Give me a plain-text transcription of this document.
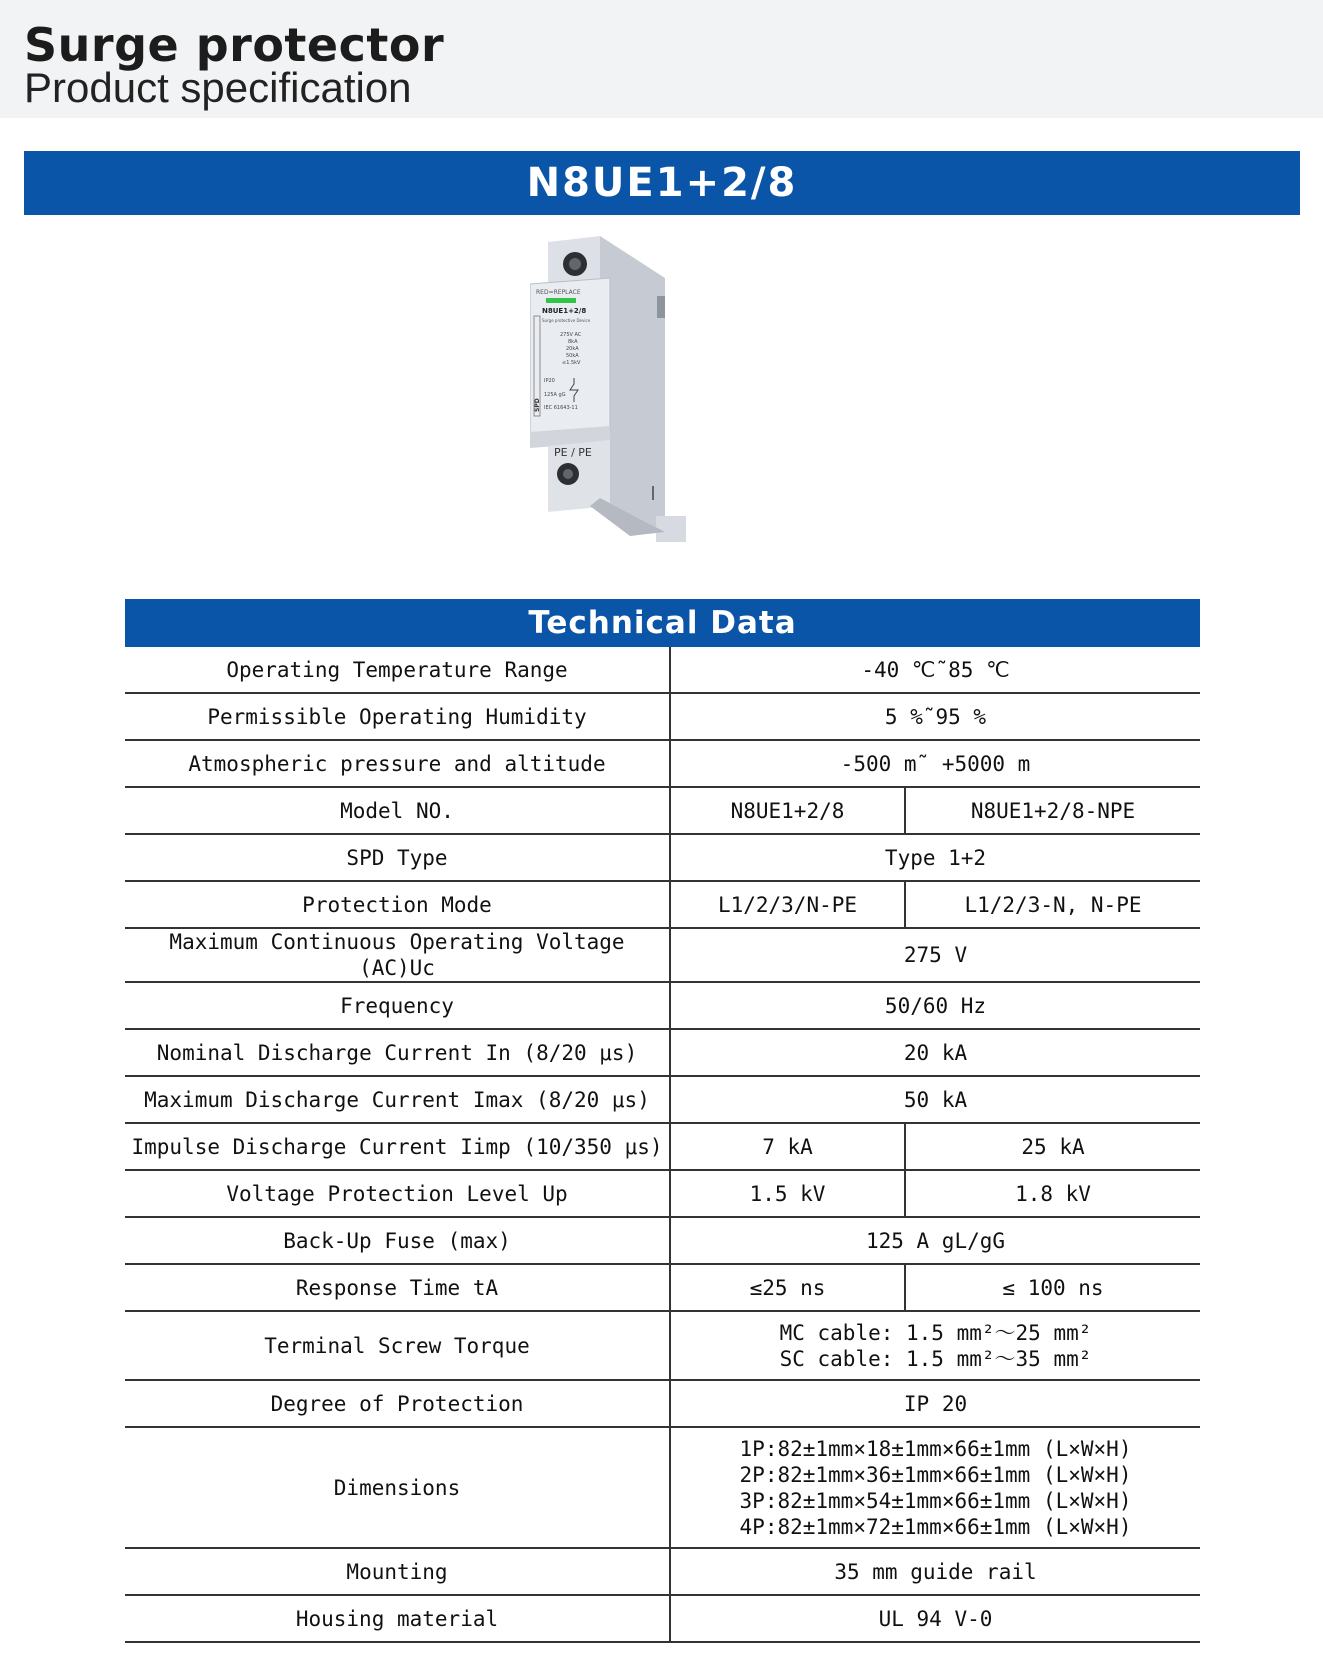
Surge protector
Product specification
N8UE1+2/8
RED=REPLACE
N8UE1+2/8
Surge protective Device
275V AC
8kA
20kA
50kA
≤1.5kV
IP20
125A gG
IEC 61643-11
SPD
PE / PE
Technical Data
Operating Temperature Range	-40 ℃˜85 ℃	
Permissible Operating Humidity	5 %˜95 %	
Atmospheric pressure and altitude	-500 m˜ +5000 m	
Model NO.	N8UE1+2/8	N8UE1+2/8-NPE
SPD Type	Type 1+2	
Protection Mode	L1/2/3/N-PE	L1/2/3-N, N-PE
Maximum Continuous Operating Voltage (AC)Uc	275 V	
Frequency	50/60 Hz	
Nominal Discharge Current In (8/20 μs)	20 kA	
Maximum Discharge Current Imax (8/20 μs)	50 kA	
Impulse Discharge Current Iimp (10/350 μs)	7 kA	25 kA
Voltage Protection Level Up	1.5 kV	1.8 kV
Back-Up Fuse (max)	125 A gL/gG	
Response Time tA	≤25 ns	≤ 100 ns
Terminal Screw Torque	MC cable: 1.5 mm²～25 mm²
SC cable: 1.5 mm²～35 mm²	

Degree of Protection	IP 20	
Dimensions	1P:82±1mm×18±1mm×66±1mm (L×W×H)
2P:82±1mm×36±1mm×66±1mm (L×W×H)
3P:82±1mm×54±1mm×66±1mm (L×W×H)
4P:82±1mm×72±1mm×66±1mm (L×W×H)	

Mounting	35 mm guide rail	
Housing material	UL 94 V-0	
